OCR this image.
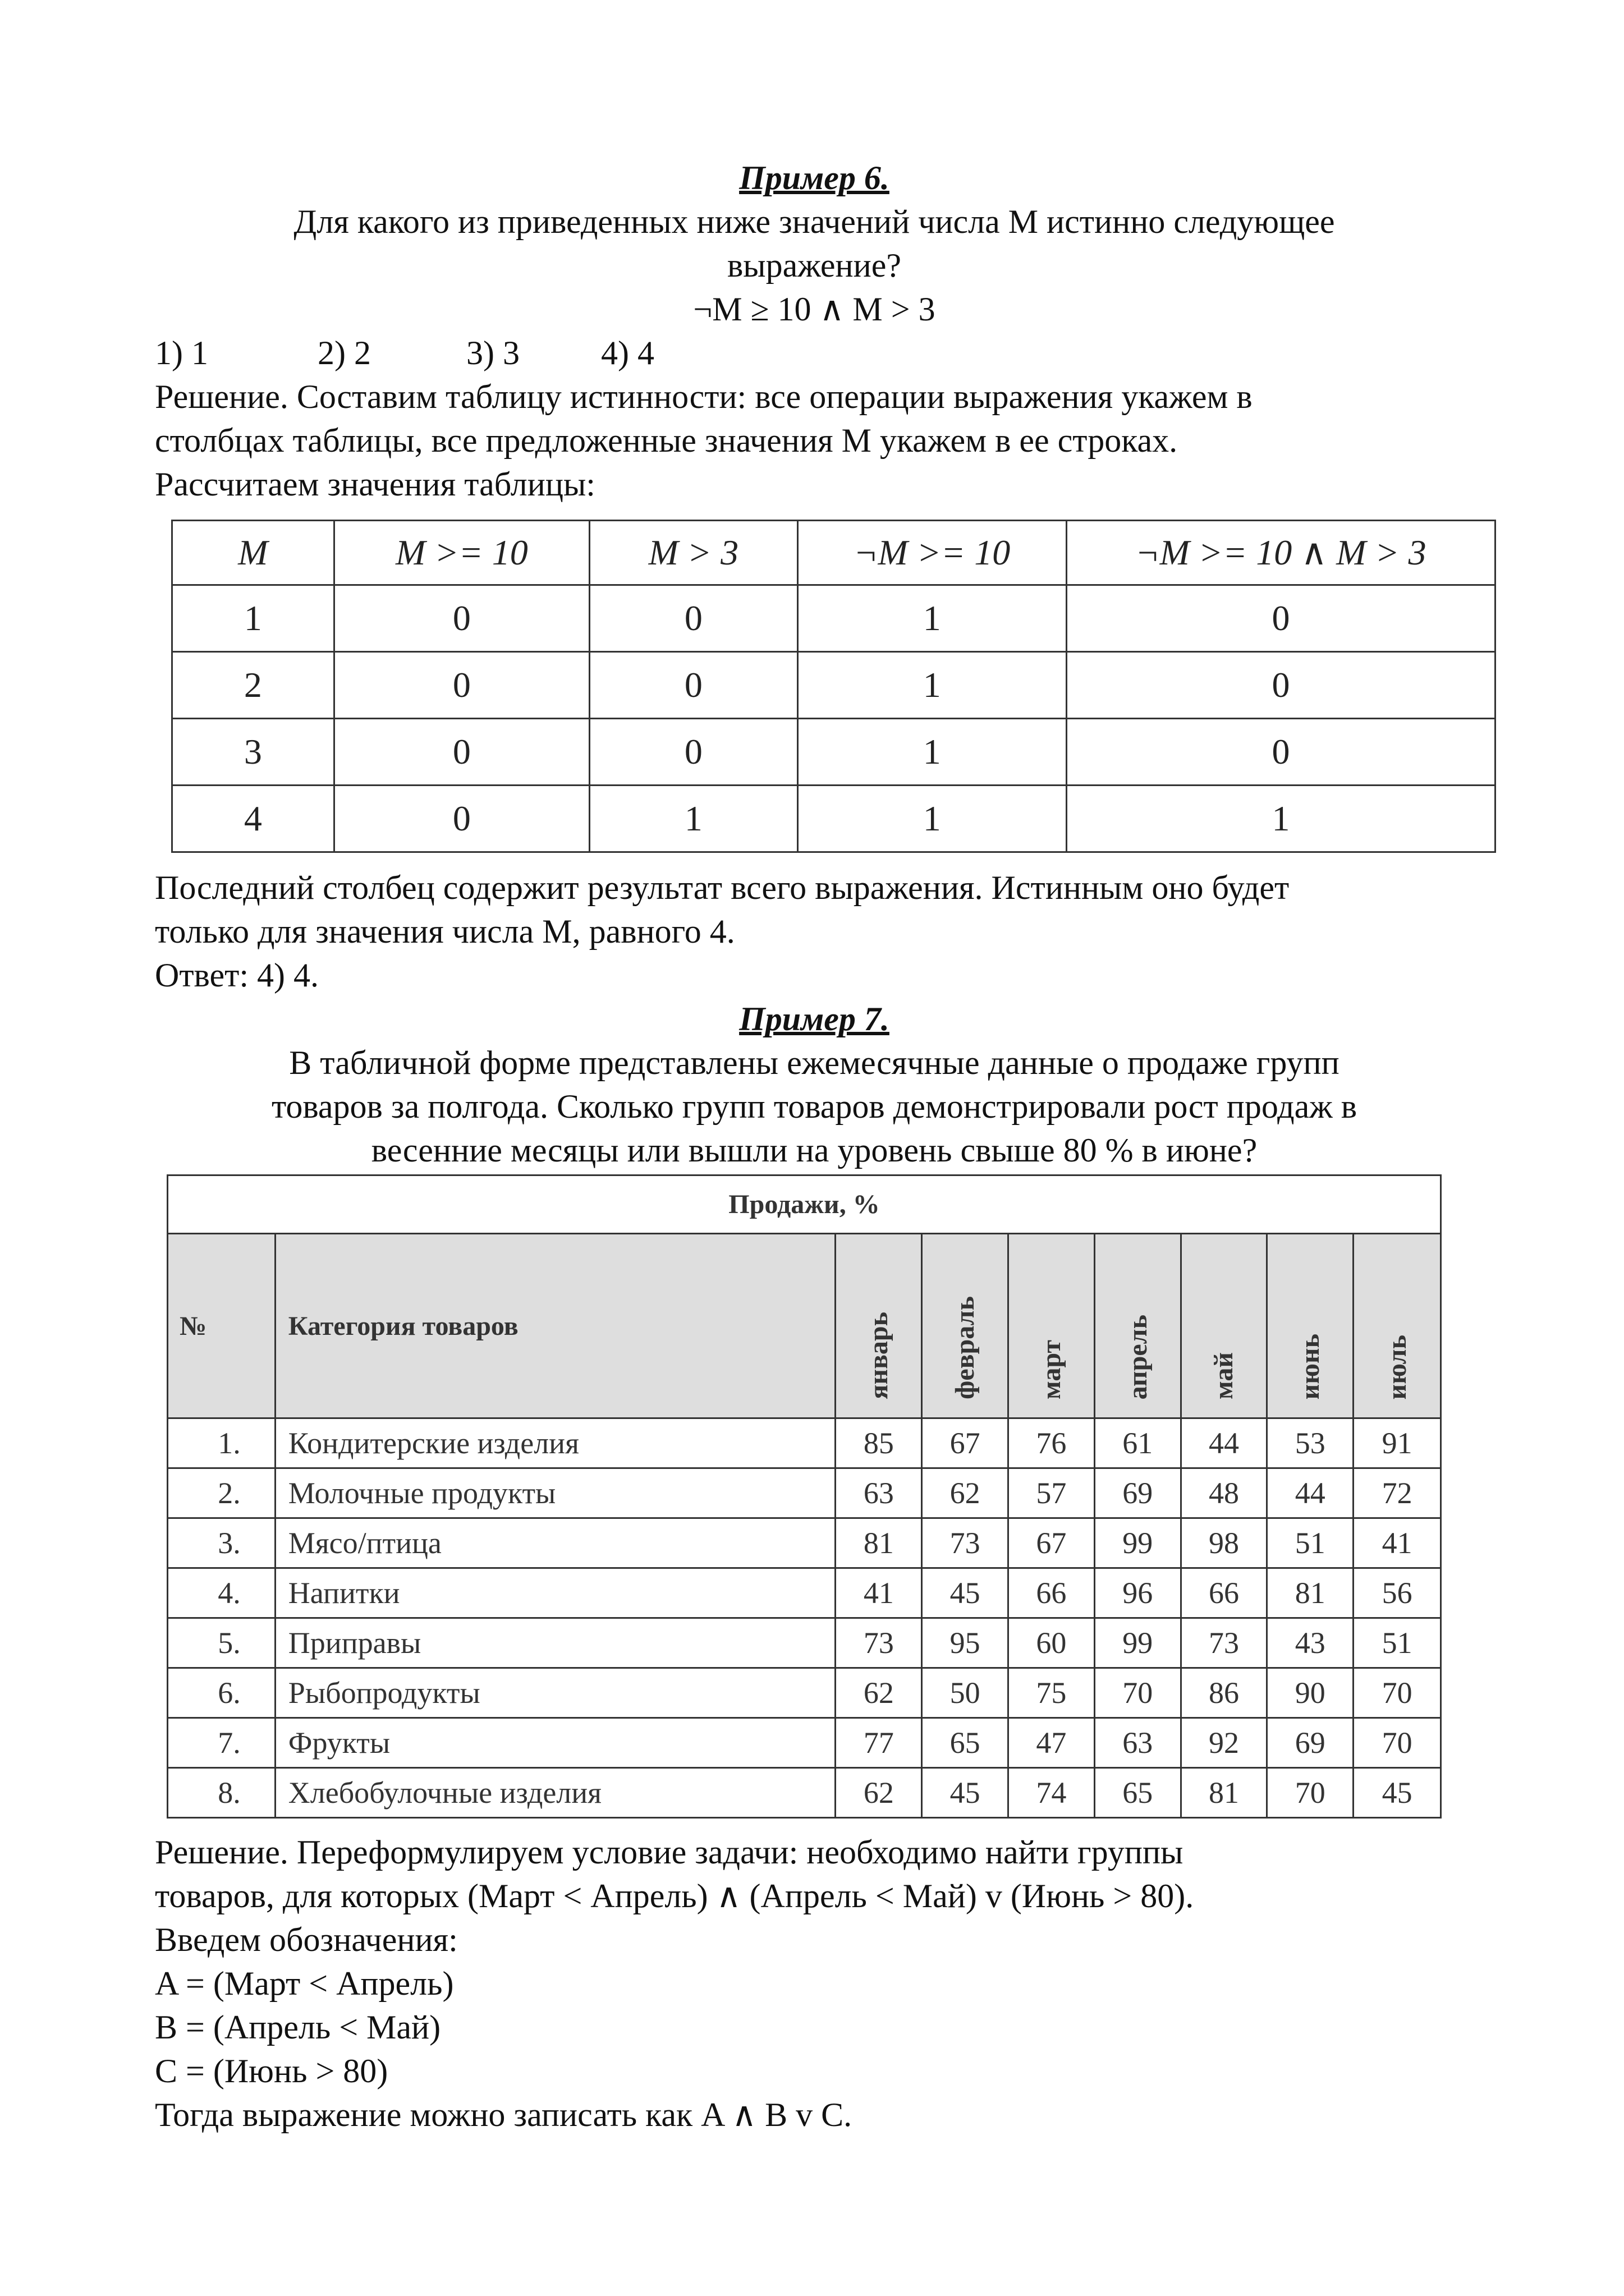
Пример 6.

Для какого из приведенных ниже значений числа М истинно следующее

выражение?

¬M ≥ 10 ∧ M > 3

1) 1	2) 2	3) 3 4) 4

Решение. Составим таблицу истинности: все операции выражения укажем в

столбцах таблицы, все предложенные значения М укажем в ее строках.

Рассчитаем значения таблицы:

M	M >= 10	M > 3	¬M >= 10	¬M >= 10 ∧ M > 3
1	0	0	1	0
2	0	0	1	0
3	0	0	1	0
4	0	1	1	1

Последний столбец содержит результат всего выражения. Истинным оно будет

только для значения числа М, равного 4.

Ответ: 4) 4.

Пример 7.

В табличной форме представлены ежемесячные данные о продаже групп

товаров за полгода. Сколько групп товаров демонстрировали рост продаж в

весенние месяцы или вышли на уровень свыше 80 % в июне?

Продажи, %								
№	Категория товаров	январь	февраль	март	апрель	май	июнь	июль
1.	Кондитерские изделия	85	67	76	61	44	53	91
2.	Молочные продукты	63	62	57	69	48	44	72
3.	Мясо/птица	81	73	67	99	98	51	41
4.	Напитки	41	45	66	96	66	81	56
5.	Приправы	73	95	60	99	73	43	51
6.	Рыбопродукты	62	50	75	70	86	90	70
7.	Фрукты	77	65	47	63	92	69	70
8.	Хлебобулочные изделия	62	45	74	65	81	70	45

Решение. Переформулируем условие задачи: необходимо найти группы

товаров, для которых (Март < Апрель) ∧ (Апрель < Май) v (Июнь > 80).

Введем обозначения:

A = (Март < Апрель)

B = (Апрель < Май)

C = (Июнь > 80)

Тогда выражение можно записать как A ∧ B v C.
